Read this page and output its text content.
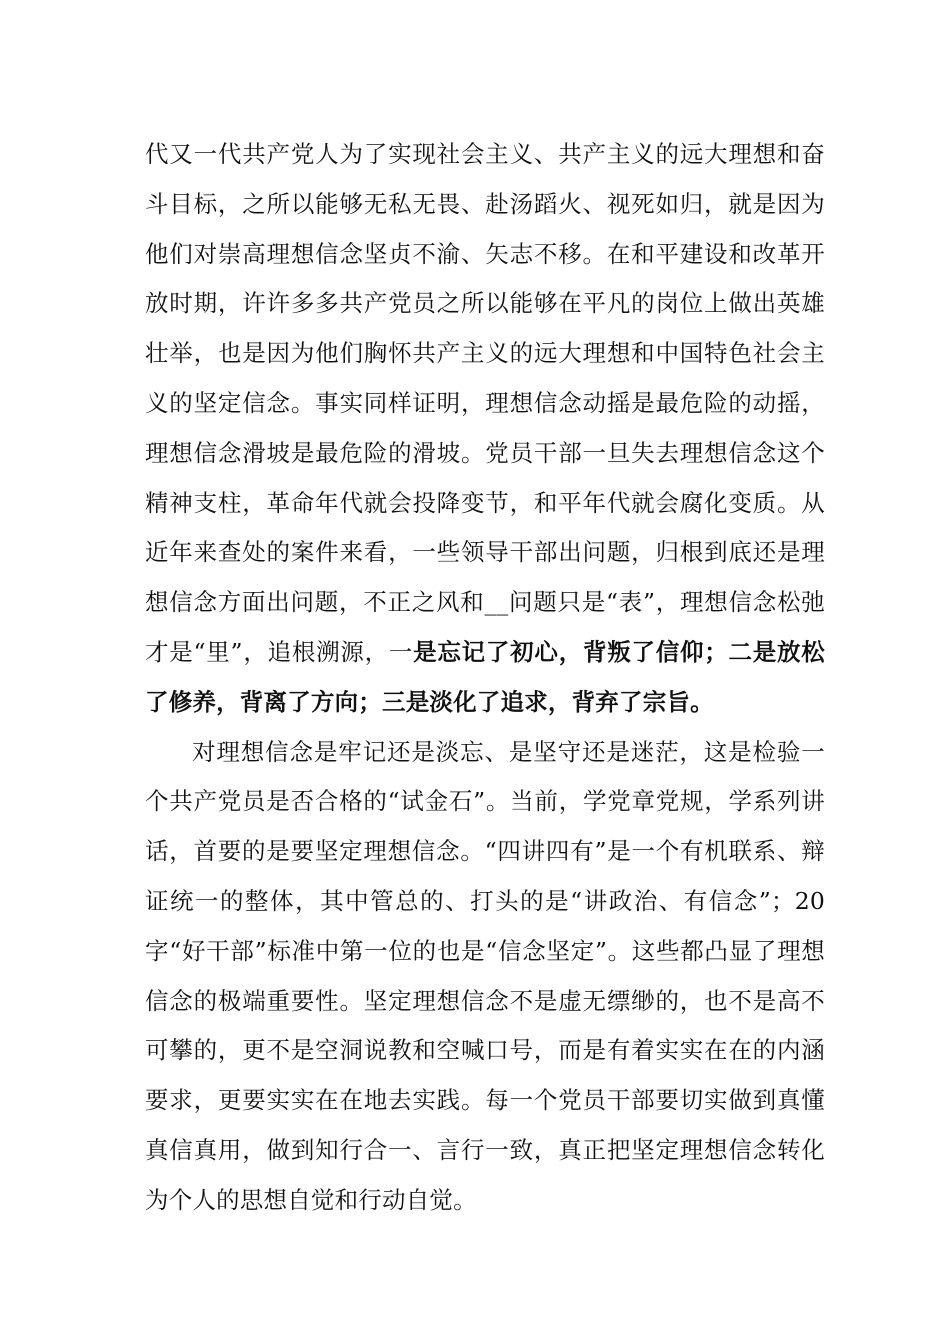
代又一代共产党人为了实现社会主义、共产主义的远大理想和奋斗目标，之所以能够无私无畏、赴汤蹈火、视死如归，就是因为他们对崇高理想信念坚贞不渝、矢志不移。在和平建设和改革开放时期，许许多多共产党员之所以能够在平凡的岗位上做出英雄壮举，也是因为他们胸怀共产主义的远大理想和中国特色社会主义的坚定信念。事实同样证明，理想信念动摇是最危险的动摇，理想信念滑坡是最危险的滑坡。党员干部一旦失去理想信念这个精神支柱，革命年代就会投降变节，和平年代就会腐化变质。从近年来查处的案件来看，一些领导干部出问题，归根到底还是理想信念方面出问题，不正之风和__问题只是“表”，理想信念松弛才是“里”，追根溯源，一是忘记了初心，背叛了信仰；二是放松了修养，背离了方向；三是淡化了追求，背弃了宗旨。

对理想信念是牢记还是淡忘、是坚守还是迷茫，这是检验一个共产党员是否合格的“试金石”。当前，学党章党规，学系列讲话，首要的是要坚定理想信念。“四讲四有”是一个有机联系、辩证统一的整体，其中管总的、打头的是“讲政治、有信念”；20字“好干部”标准中第一位的也是“信念坚定”。这些都凸显了理想信念的极端重要性。坚定理想信念不是虚无缥缈的，也不是高不可攀的，更不是空洞说教和空喊口号，而是有着实实在在的内涵要求，更要实实在在地去实践。每一个党员干部要切实做到真懂真信真用，做到知行合一、言行一致，真正把坚定理想信念转化为个人的思想自觉和行动自觉。
